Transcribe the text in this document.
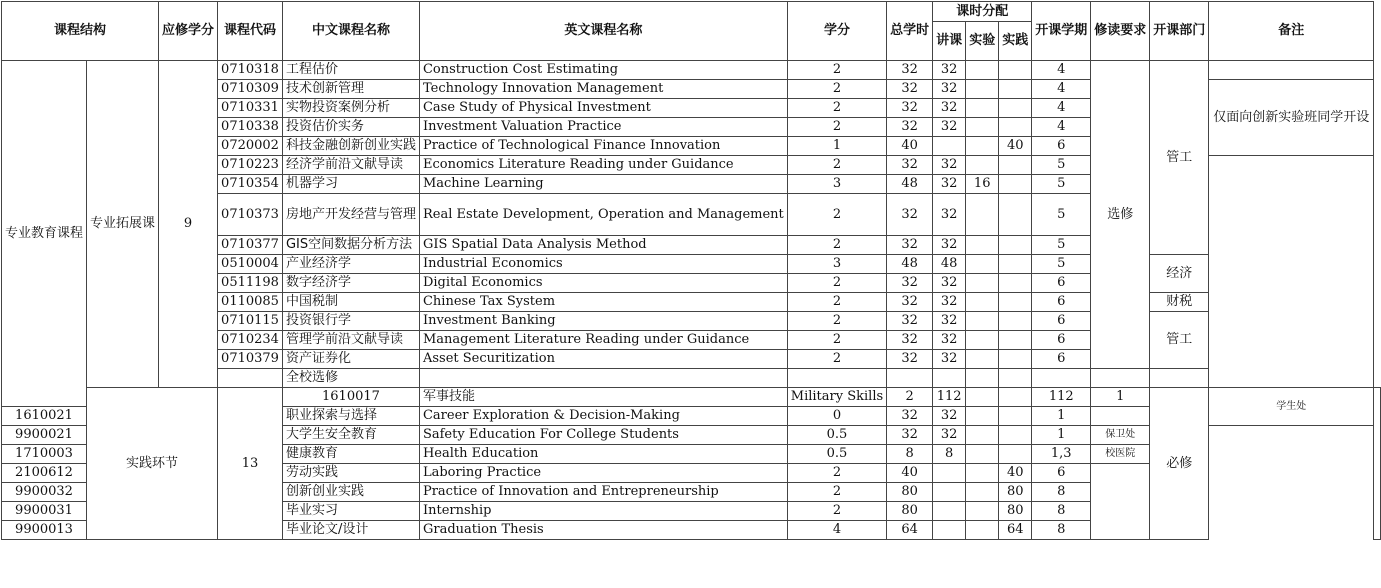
课程结构		应修学分	课程代码	中文课程名称	英文课程名称	学分	总学时	课时分配			开课学期	修读要求	开课部门	备注	
								讲课	实验	实践					
专业教育课程	专业拓展课	9	0710318	工程估价	Construction Cost Estimating	2	32	32			4	选修	管工		
			0710309	技术创新管理	Technology Innovation Management	2	32	32			4			仅面向创新实验班同学开设	
			0710331	实物投资案例分析	Case Study of Physical Investment	2	32	32			4				
			0710338	投资估价实务	Investment Valuation Practice	2	32	32			4				
			0720002	科技金融创新创业实践	Practice of Technological Finance Innovation	1	40			40	6				
			0710223	经济学前沿文献导读	Economics Literature Reading under Guidance	2	32	32			5				
			0710354	机器学习	Machine Learning	3	48	32	16		5				
			0710373	房地产开发经营与管理	Real Estate Development, Operation and Management	2	32	32			5				
			0710377	GIS空间数据分析方法	GIS Spatial Data Analysis Method	2	32	32			5				
			0510004	产业经济学	Industrial Economics	3	48	48			5		经济		
			0511198	数字经济学	Digital Economics	2	32	32			6				
			0110085	中国税制	Chinese Tax System	2	32	32			6		财税		
			0710115	投资银行学	Investment Banking	2	32	32			6		管工		
			0710234	管理学前沿文献导读	Management Literature Reading under Guidance	2	32	32			6				
			0710379	资产证券化	Asset Securitization	2	32	32			6				
				全校选修											
	实践环节		13	1610017	军事技能	Military Skills	2	112			112	1	必修	学生处	
1610021				职业探索与选择	Career Exploration & Decision-Making	0	32	32			1				
9900021				大学生安全教育	Safety Education For College Students	0.5	32	32			1	保卫处			
1710003				健康教育	Health Education	0.5	8	8			1,3	校医院			
2100612				劳动实践	Laboring Practice	2	40			40	6				
9900032				创新创业实践	Practice of Innovation and Entrepreneurship	2	80			80	8				
9900031				毕业实习	Internship	2	80			80	8				
9900013				毕业论文/设计	Graduation Thesis	4	64			64	8				
